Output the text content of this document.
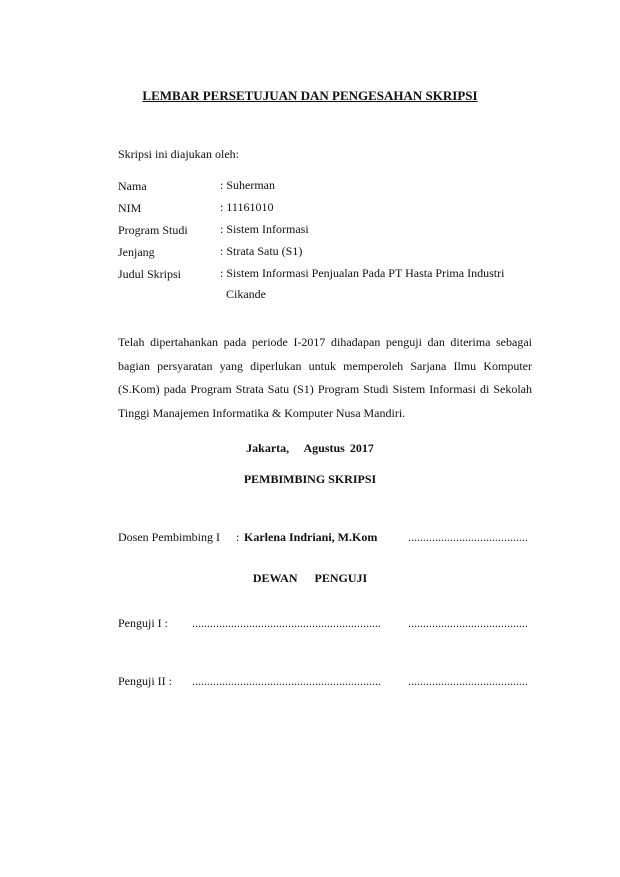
LEMBAR PERSETUJUAN DAN PENGESAHAN SKRIPSI
Skripsi ini diajukan oleh:
Nama	: Suherman
NIM	: 11161010
Program Studi	: Sistem Informasi
Jenjang	: Strata Satu (S1)
Judul Skripsi	: Sistem Informasi Penjualan Pada PT Hasta Prima Industri
Cikande
Telah dipertahankan pada periode I-2017 dihadapan penguji dan diterima sebagai bagian persyaratan yang diperlukan untuk memperoleh Sarjana Ilmu Komputer (S.Kom) pada Program Strata Satu (S1) Program Studi Sistem Informasi di Sekolah Tinggi Manajemen Informatika & Komputer Nusa Mandiri.
Jakarta,   Agustus 2017
PEMBIMBING SKRIPSI
Dosen Pembimbing I : Karlena Indriani, M.Kom	........................................
DEWAN PENGUJI
Penguji I : ............................................................... ........................................
Penguji II : ............................................................... ........................................
